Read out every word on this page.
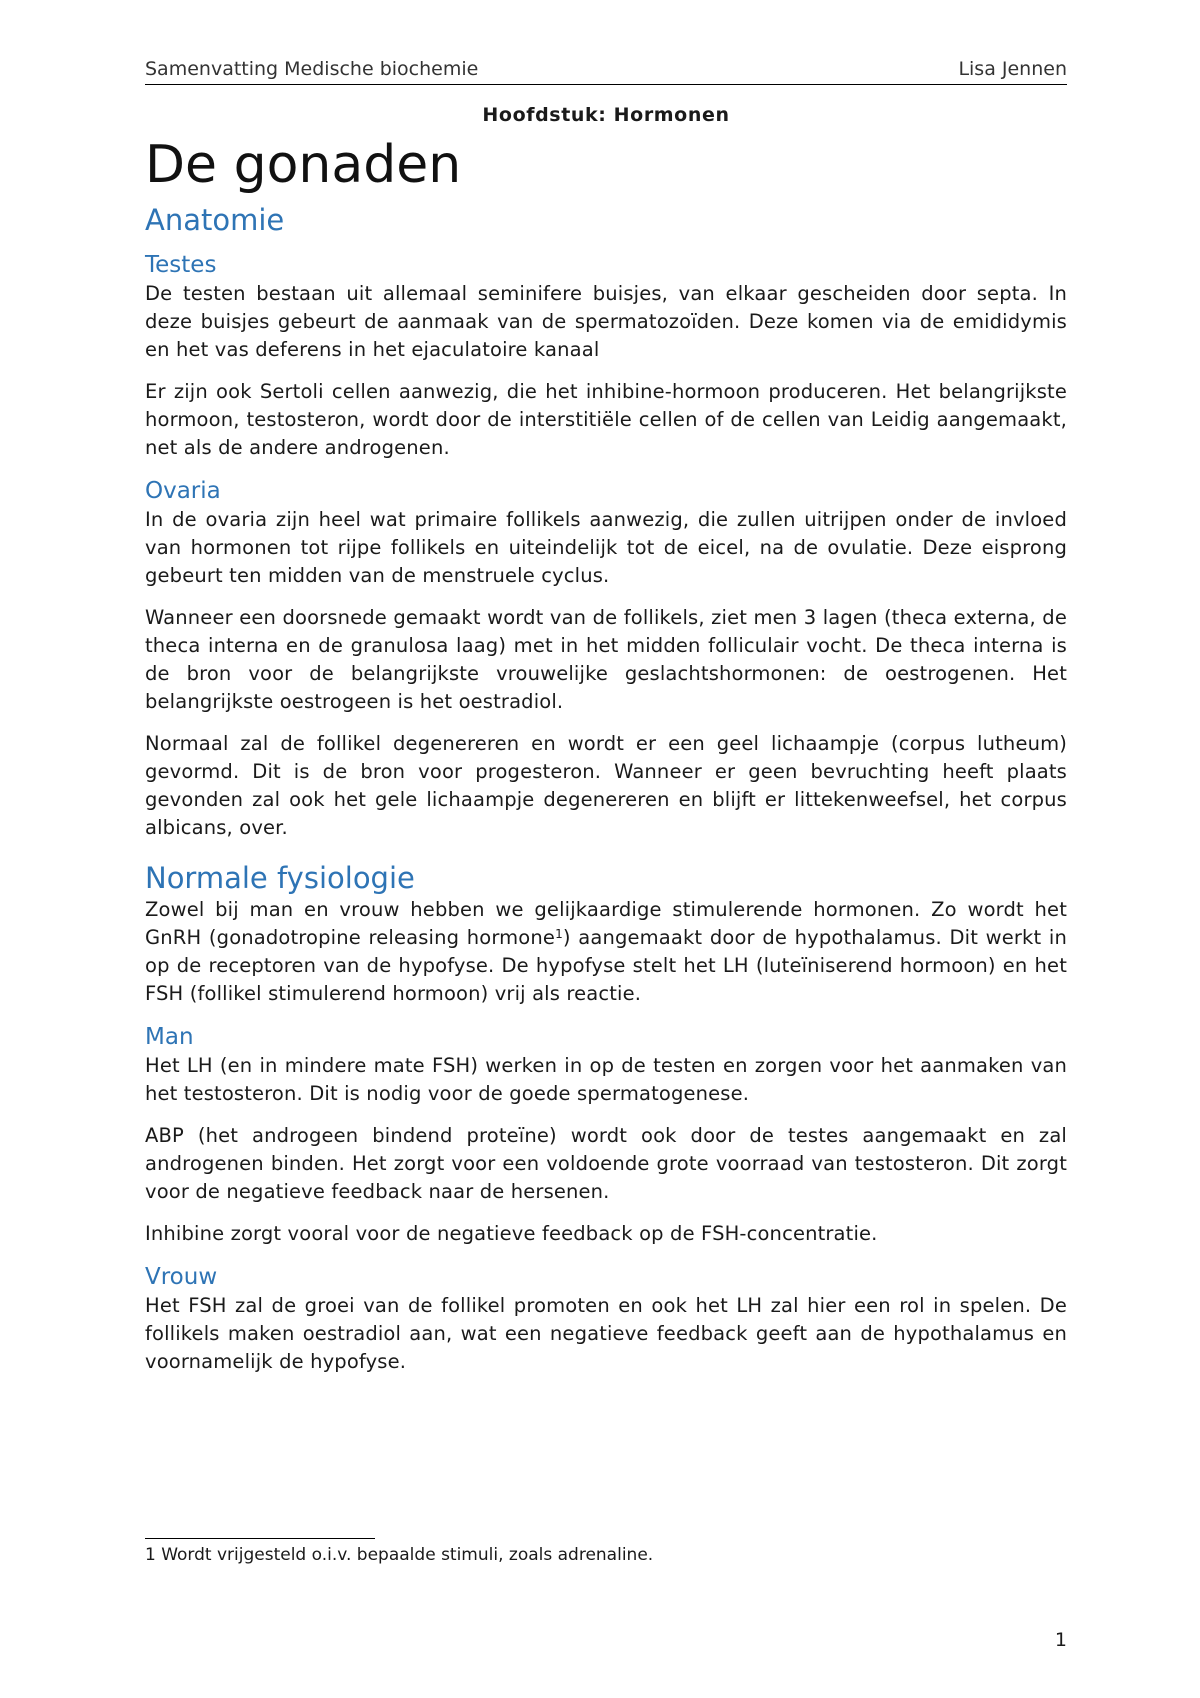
Samenvatting Medische biochemie	Lisa Jennen
Hoofdstuk: Hormonen
De gonaden
Anatomie
Testes

De testen bestaan uit allemaal seminifere buisjes, van elkaar gescheiden door septa. In deze buisjes gebeurt de aanmaak van de spermatozoïden. Deze komen via de emididymis en het vas deferens in het ejaculatoire kanaal

Er zijn ook Sertoli cellen aanwezig, die het inhibine-hormoon produceren. Het belangrijkste hormoon, testosteron, wordt door de interstitiële cellen of de cellen van Leidig aangemaakt, net als de andere androgenen.

Ovaria

In de ovaria zijn heel wat primaire follikels aanwezig, die zullen uitrijpen onder de invloed van hormonen tot rijpe follikels en uiteindelijk tot de eicel, na de ovulatie. Deze eisprong gebeurt ten midden van de menstruele cyclus.

Wanneer een doorsnede gemaakt wordt van de follikels, ziet men 3 lagen (theca externa, de theca interna en de granulosa laag) met in het midden folliculair vocht. De theca interna is de bron voor de belangrijkste vrouwelijke geslachtshormonen: de oestrogenen. Het belangrijkste oestrogeen is het oestradiol.

Normaal zal de follikel degenereren en wordt er een geel lichaampje (corpus lutheum) gevormd. Dit is de bron voor progesteron. Wanneer er geen bevruchting heeft plaats gevonden zal ook het gele lichaampje degenereren en blijft er littekenweefsel, het corpus albicans, over.

Normale fysiologie

Zowel bij man en vrouw hebben we gelijkaardige stimulerende hormonen. Zo wordt het GnRH (gonadotropine releasing hormone$^1$) aangemaakt door de hypothalamus. Dit werkt in op de receptoren van de hypofyse. De hypofyse stelt het LH (luteïniserend hormoon) en het FSH (follikel stimulerend hormoon) vrij als reactie.

Man

Het LH (en in mindere mate FSH) werken in op de testen en zorgen voor het aanmaken van het testosteron. Dit is nodig voor de goede spermatogenese.

ABP (het androgeen bindend proteïne) wordt ook door de testes aangemaakt en zal androgenen binden. Het zorgt voor een voldoende grote voorraad van testosteron. Dit zorgt voor de negatieve feedback naar de hersenen.

Inhibine zorgt vooral voor de negatieve feedback op de FSH-concentratie.

Vrouw

Het FSH zal de groei van de follikel promoten en ook het LH zal hier een rol in spelen. De follikels maken oestradiol aan, wat een negatieve feedback geeft aan de hypothalamus en voornamelijk de hypofyse.

1 Wordt vrijgesteld o.i.v. bepaalde stimuli, zoals adrenaline.
1
